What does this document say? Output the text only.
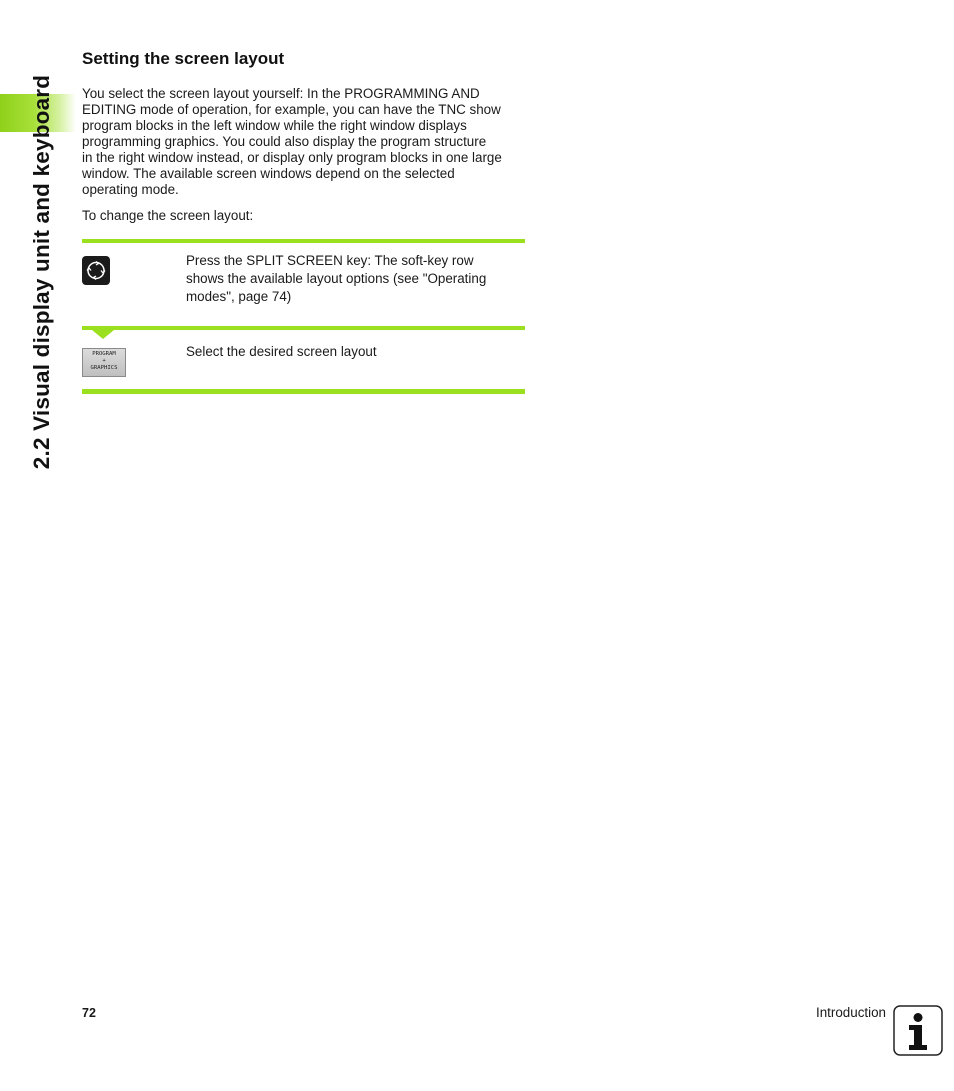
2.2 Visual display unit and keyboard
Setting the screen layout
You select the screen layout yourself: In the PROGRAMMING AND
EDITING mode of operation, for example, you can have the TNC show
program blocks in the left window while the right window displays
programming graphics. You could also display the program structure
in the right window instead, or display only program blocks in one large
window. The available screen windows depend on the selected
operating mode.
To change the screen layout:
Press the SPLIT SCREEN key: The soft-key row
shows the available layout options (see "Operating
modes", page 74)
PROGRAM
+
GRAPHICS
Select the desired screen layout
72	Introduction
